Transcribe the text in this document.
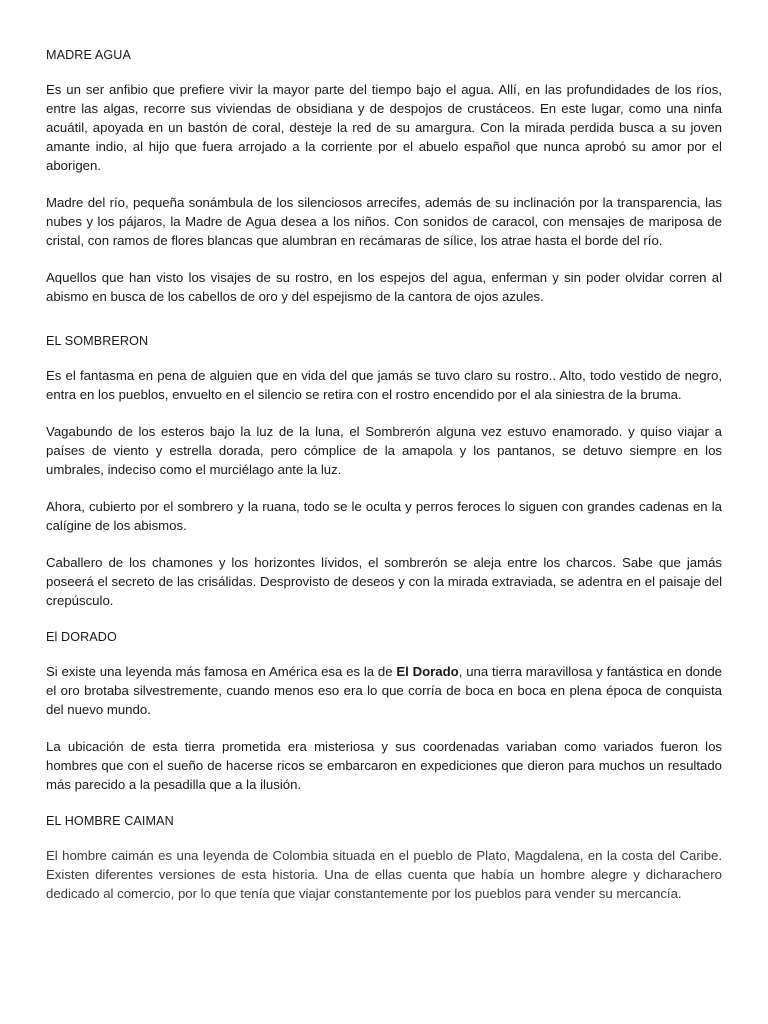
MADRE AGUA

Es un ser anfibio que prefiere vivir la mayor parte del tiempo bajo el agua. Allí, en las profundidades de los ríos, entre las algas, recorre sus viviendas de obsidiana y de despojos de crustáceos. En este lugar, como una ninfa acuátil, apoyada en un bastón de coral, desteje la red de su amargura. Con la mirada perdida busca a su joven amante indio, al hijo que fuera arrojado a la corriente por el abuelo español que nunca aprobó su amor por el aborigen.

Madre del río, pequeña sonámbula de los silenciosos arrecifes, además de su inclinación por la transparencia, las nubes y los pájaros, la Madre de Agua desea a los niños. Con sonidos de caracol, con mensajes de mariposa de cristal, con ramos de flores blancas que alumbran en recámaras de sílice, los atrae hasta el borde del río.

Aquellos que han visto los visajes de su rostro, en los espejos del agua, enferman y sin poder olvidar corren al abismo en busca de los cabellos de oro y del espejismo de la cantora de ojos azules.

EL SOMBRERON

Es el fantasma en pena de alguien que en vida del que jamás se tuvo claro su rostro.. Alto, todo vestido de negro, entra en los pueblos, envuelto en el silencio se retira con el rostro encendido por el ala siniestra de la bruma.

Vagabundo de los esteros bajo la luz de la luna, el Sombrerón alguna vez estuvo enamorado. y quiso viajar a países de viento y estrella dorada, pero cómplice de la amapola y los pantanos, se detuvo siempre en los umbrales, indeciso como el murciélago ante la luz.

Ahora, cubierto por el sombrero y la ruana, todo se le oculta y perros feroces lo siguen con grandes cadenas en la calígine de los abismos.

Caballero de los chamones y los horizontes lívidos, el sombrerón se aleja entre los charcos. Sabe que jamás poseerá el secreto de las crisálidas. Desprovisto de deseos y con la mirada extraviada, se adentra en el paisaje del crepúsculo.

El DORADO

Si existe una leyenda más famosa en América esa es la de El Dorado, una tierra maravillosa y fantástica en donde el oro brotaba silvestremente, cuando menos eso era lo que corría de boca en boca en plena época de conquista del nuevo mundo.

La ubicación de esta tierra prometida era misteriosa y sus coordenadas variaban como variados fueron los hombres que con el sueño de hacerse ricos se embarcaron en expediciones que dieron para muchos un resultado más parecido a la pesadilla que a la ilusión.

EL HOMBRE CAIMAN

El hombre caimán es una leyenda de Colombia situada en el pueblo de Plato, Magdalena, en la costa del Caribe. Existen diferentes versiones de esta historia. Una de ellas cuenta que había un hombre alegre y dicharachero dedicado al comercio, por lo que tenía que viajar constantemente por los pueblos para vender su mercancía.
